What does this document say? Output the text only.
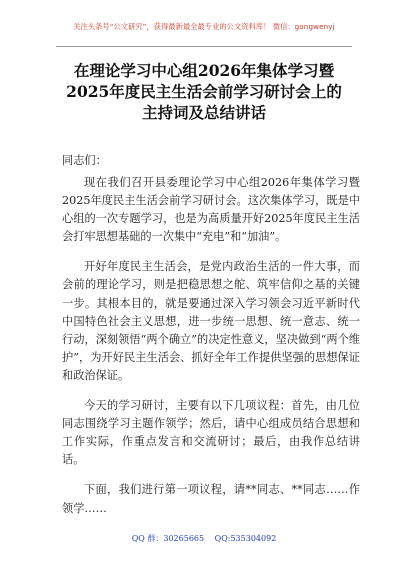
关注头条号“公文研究”，获得最新最全最专业的公文资料库！ 微信：gongwenyj
在理论学习中心组2026年集体学习暨
2025年度民主生活会前学习研讨会上的
主持词及总结讲话
同志们：

现在我们召开县委理论学习中心组2026年集体学习暨2025年度民主生活会前学习研讨会。这次集体学习，既是中心组的一次专题学习，也是为高质量开好2025年度民主生活会打牢思想基础的一次集中“充电”和“加油”。

开好年度民主生活会，是党内政治生活的一件大事，而会前的理论学习，则是把稳思想之舵、筑牢信仰之基的关键一步。其根本目的，就是要通过深入学习领会习近平新时代中国特色社会主义思想，进一步统一思想、统一意志、统一行动，深刻领悟“两个确立”的决定性意义，坚决做到“两个维护”，为开好民主生活会、抓好全年工作提供坚强的思想保证和政治保证。

今天的学习研讨，主要有以下几项议程：首先，由几位同志围绕学习主题作领学；然后，请中心组成员结合思想和工作实际，作重点发言和交流研讨；最后，由我作总结讲话。

下面，我们进行第一项议程，请**同志、**同志……作领学……

QQ 群：30265665 QQ:535304092
